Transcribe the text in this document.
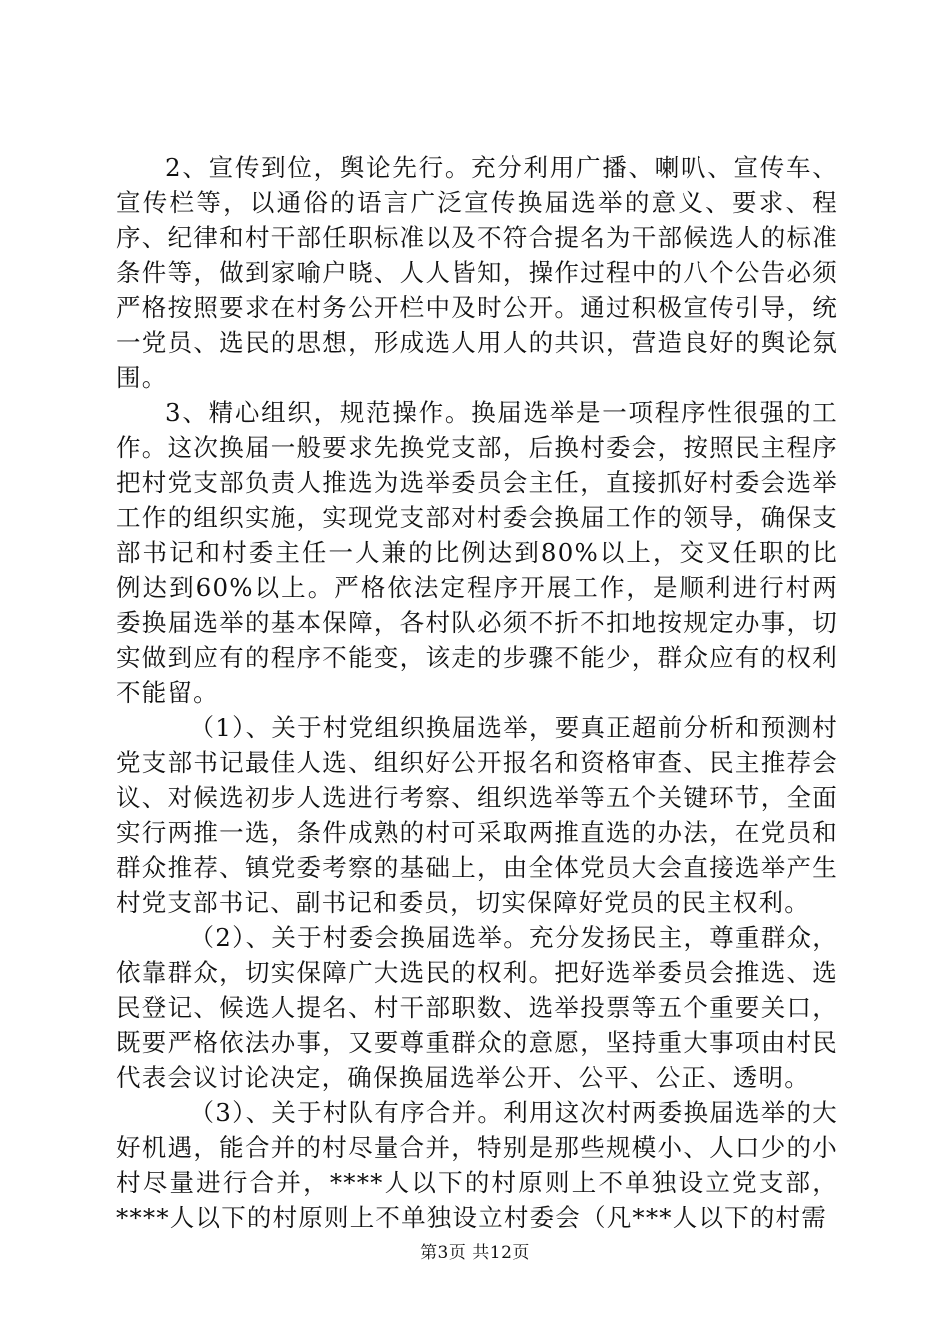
2、宣传到位，舆论先行。充分利用广播、喇叭、宣传车、宣传栏等，以通俗的语言广泛宣传换届选举的意义、要求、程序、纪律和村干部任职标准以及不符合提名为干部候选人的标准条件等，做到家喻户晓、人人皆知，操作过程中的八个公告必须严格按照要求在村务公开栏中及时公开。通过积极宣传引导，统一党员、选民的思想，形成选人用人的共识，营造良好的舆论氛围。

3、精心组织，规范操作。换届选举是一项程序性很强的工作。这次换届一般要求先换党支部，后换村委会，按照民主程序把村党支部负责人推选为选举委员会主任，直接抓好村委会选举工作的组织实施，实现党支部对村委会换届工作的领导，确保支部书记和村委主任一人兼的比例达到80%以上，交叉任职的比例达到60%以上。严格依法定程序开展工作，是顺利进行村两委换届选举的基本保障，各村队必须不折不扣地按规定办事，切实做到应有的程序不能变，该走的步骤不能少，群众应有的权利不能留。

（1）、关于村党组织换届选举，要真正超前分析和预测村党支部书记最佳人选、组织好公开报名和资格审查、民主推荐会议、对候选初步人选进行考察、组织选举等五个关键环节，全面实行两推一选，条件成熟的村可采取两推直选的办法，在党员和群众推荐、镇党委考察的基础上，由全体党员大会直接选举产生村党支部书记、副书记和委员，切实保障好党员的民主权利。

（2）、关于村委会换届选举。充分发扬民主，尊重群众，依靠群众，切实保障广大选民的权利。把好选举委员会推选、选民登记、候选人提名、村干部职数、选举投票等五个重要关口，既要严格依法办事，又要尊重群众的意愿，坚持重大事项由村民代表会议讨论决定，确保换届选举公开、公平、公正、透明。

（3）、关于村队有序合并。利用这次村两委换届选举的大好机遇，能合并的村尽量合并，特别是那些规模小、人口少的小村尽量进行合并，****人以下的村原则上不单独设立党支部，****人以下的村原则上不单独设立村委会（凡***人以下的村需

第3页 共12页
